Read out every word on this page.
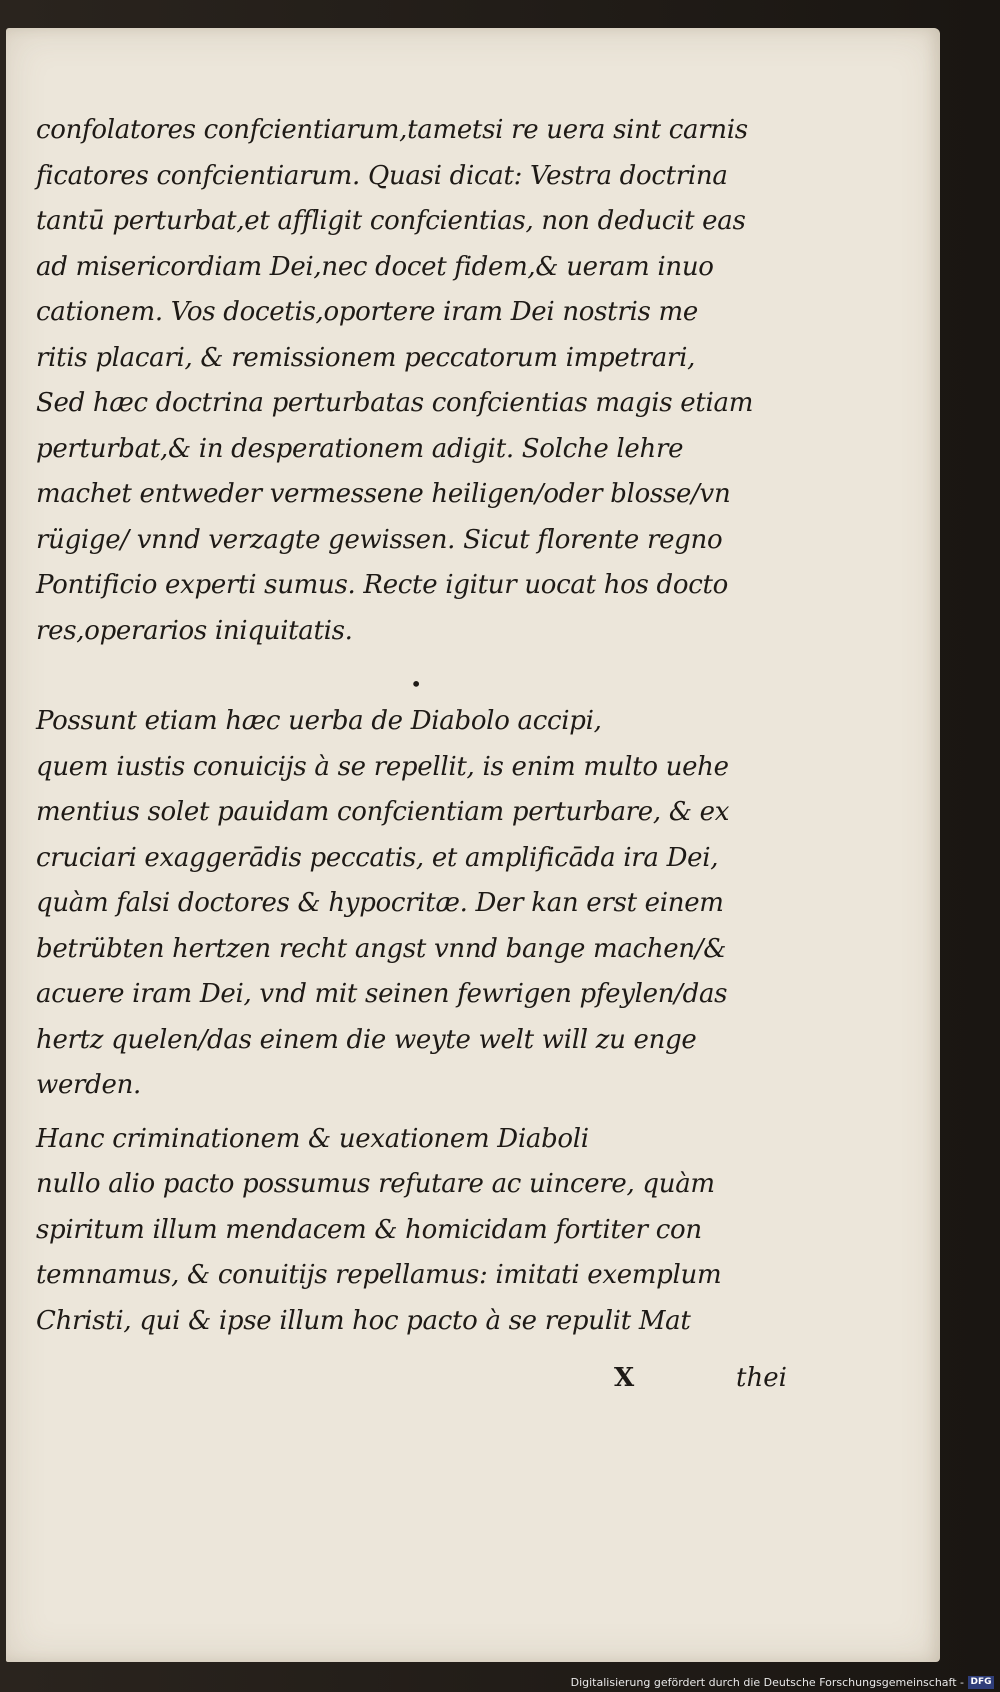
confolatores confcientiarum,tametsi re uera sint carnis
ficatores confcientiarum. Quasi dicat: Vestra doctrina
tantū perturbat,et affligit confcientias, non deducit eas
ad misericordiam Dei,nec docet fidem,& ueram inuo
cationem. Vos docetis,oportere iram Dei nostris me
ritis placari, & remissionem peccatorum impetrari,
Sed hæc doctrina perturbatas confcientias magis etiam
perturbat,& in desperationem adigit. Solche lehre
machet entweder vermessene heiligen/oder blosse/vn
rügige/ vnnd verzagte gewissen. Sicut florente regno
Pontificio experti sumus. Recte igitur uocat hos docto
res,operarios iniquitatis.

•

Possunt etiam hæc uerba de Diabolo accipi,
quem iustis conuicijs à se repellit, is enim multo uehe
mentius solet pauidam confcientiam perturbare, & ex
cruciari exaggerādis peccatis, et amplificāda ira Dei,
quàm falsi doctores & hypocritæ. Der kan erst einem
betrübten hertzen recht angst vnnd bange machen/&
acuere iram Dei, vnd mit seinen fewrigen pfeylen/das
hertz quelen/das einem die weyte welt will zu enge
werden.

Hanc criminationem & uexationem Diaboli
nullo alio pacto possumus refutare ac uincere, quàm
spiritum illum mendacem & homicidam fortiter con
temnamus, & conuitijs repellamus: imitati exemplum
Christi, qui & ipse illum hoc pacto à se repulit Mat

X	thei
Digitalisierung gefördert durch die Deutsche Forschungsgemeinschaft - DFG
